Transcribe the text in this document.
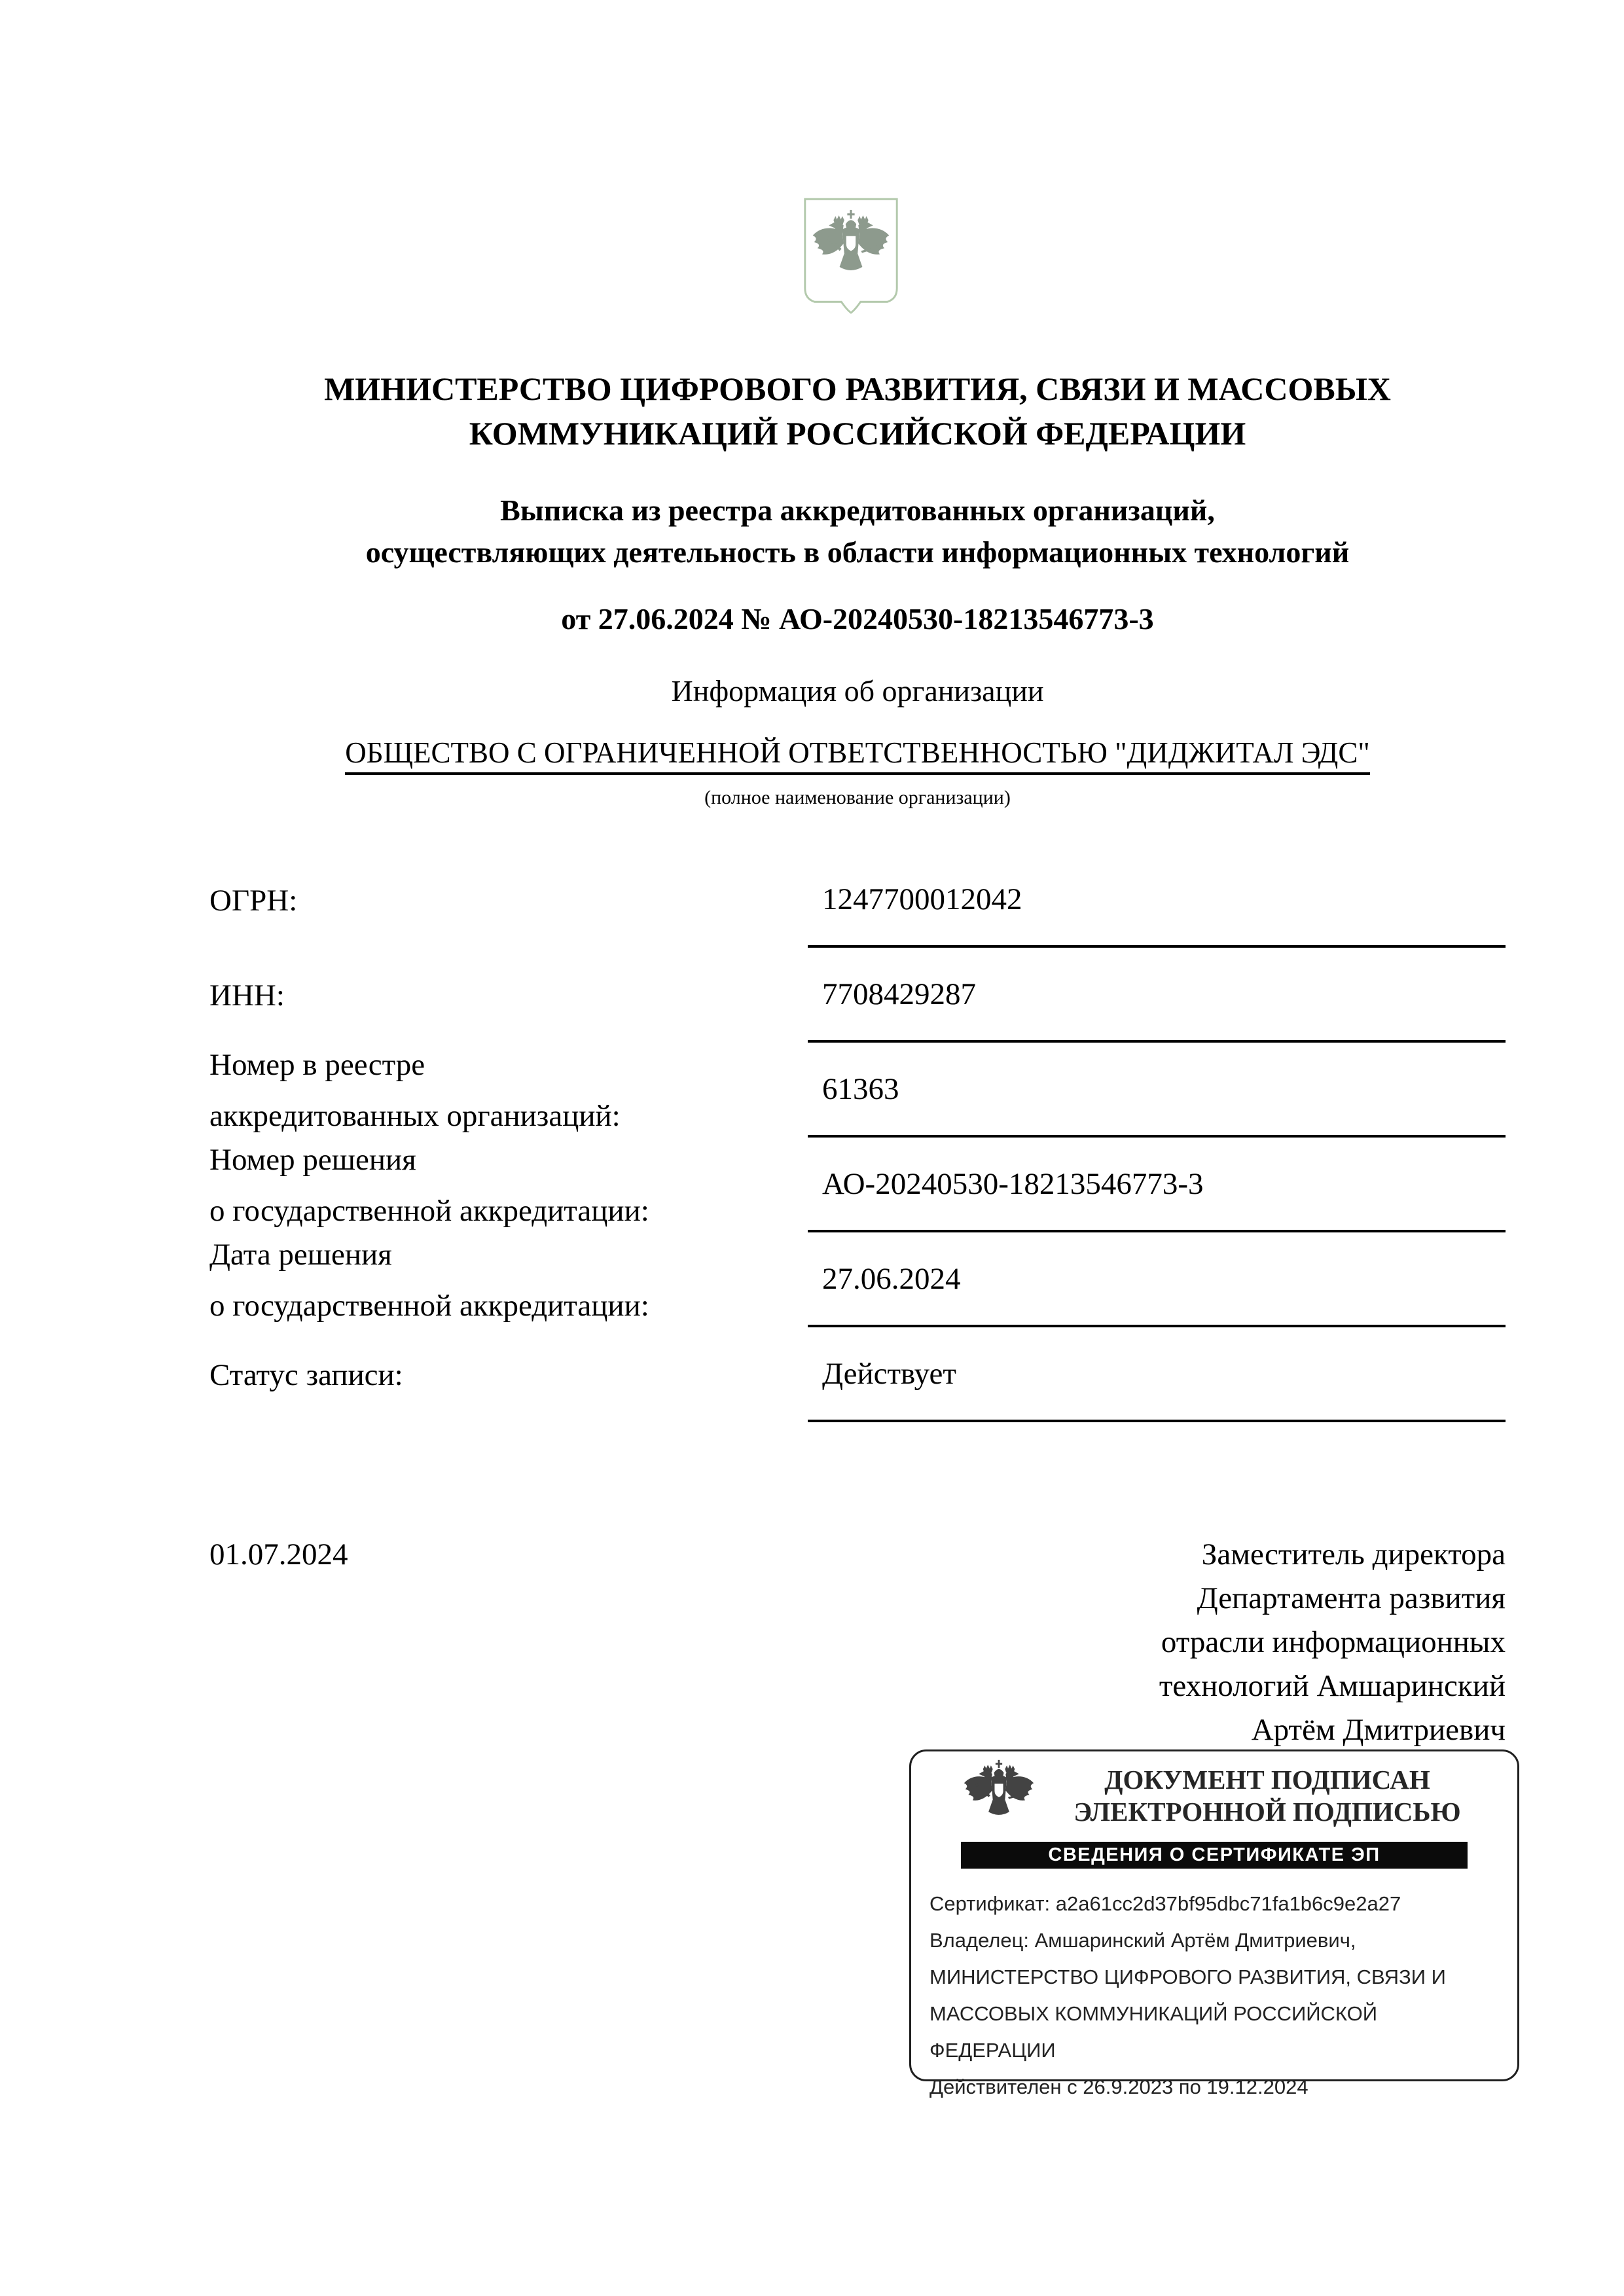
МИНИСТЕРСТВО ЦИФРОВОГО РАЗВИТИЯ, СВЯЗИ И МАССОВЫХ
КОММУНИКАЦИЙ РОССИЙСКОЙ ФЕДЕРАЦИИ
Выписка из реестра аккредитованных организаций,
осуществляющих деятельность в области информационных технологий
от 27.06.2024 № АО-20240530-18213546773-3
Информация об организации
ОБЩЕСТВО С ОГРАНИЧЕННОЙ ОТВЕТСТВЕННОСТЬЮ "ДИДЖИТАЛ ЭДС"
(полное наименование организации)
ОГРН:	1247700012042
ИНН:	7708429287
Номер в реестре
аккредитованных организаций:
61363
Номер решения
о государственной аккредитации:
АО-20240530-18213546773-3
Дата решения
о государственной аккредитации:
27.06.2024
Статус записи:	Действует
01.07.2024	Заместитель директора
Департамента развития
отрасли информационных
технологий Амшаринский
Артём Дмитриевич
ДОКУМЕНТ ПОДПИСАН
ЭЛЕКТРОННОЙ ПОДПИСЬЮ
СВЕДЕНИЯ О СЕРТИФИКАТЕ ЭП
Сертификат: a2a61cc2d37bf95dbc71fa1b6c9e2a27
Владелец: Амшаринский Артём Дмитриевич, МИНИСТЕРСТВО ЦИФРОВОГО РАЗВИТИЯ, СВЯЗИ И МАССОВЫХ КОММУНИКАЦИЙ РОССИЙСКОЙ ФЕДЕРАЦИИ
Действителен с 26.9.2023 по 19.12.2024
